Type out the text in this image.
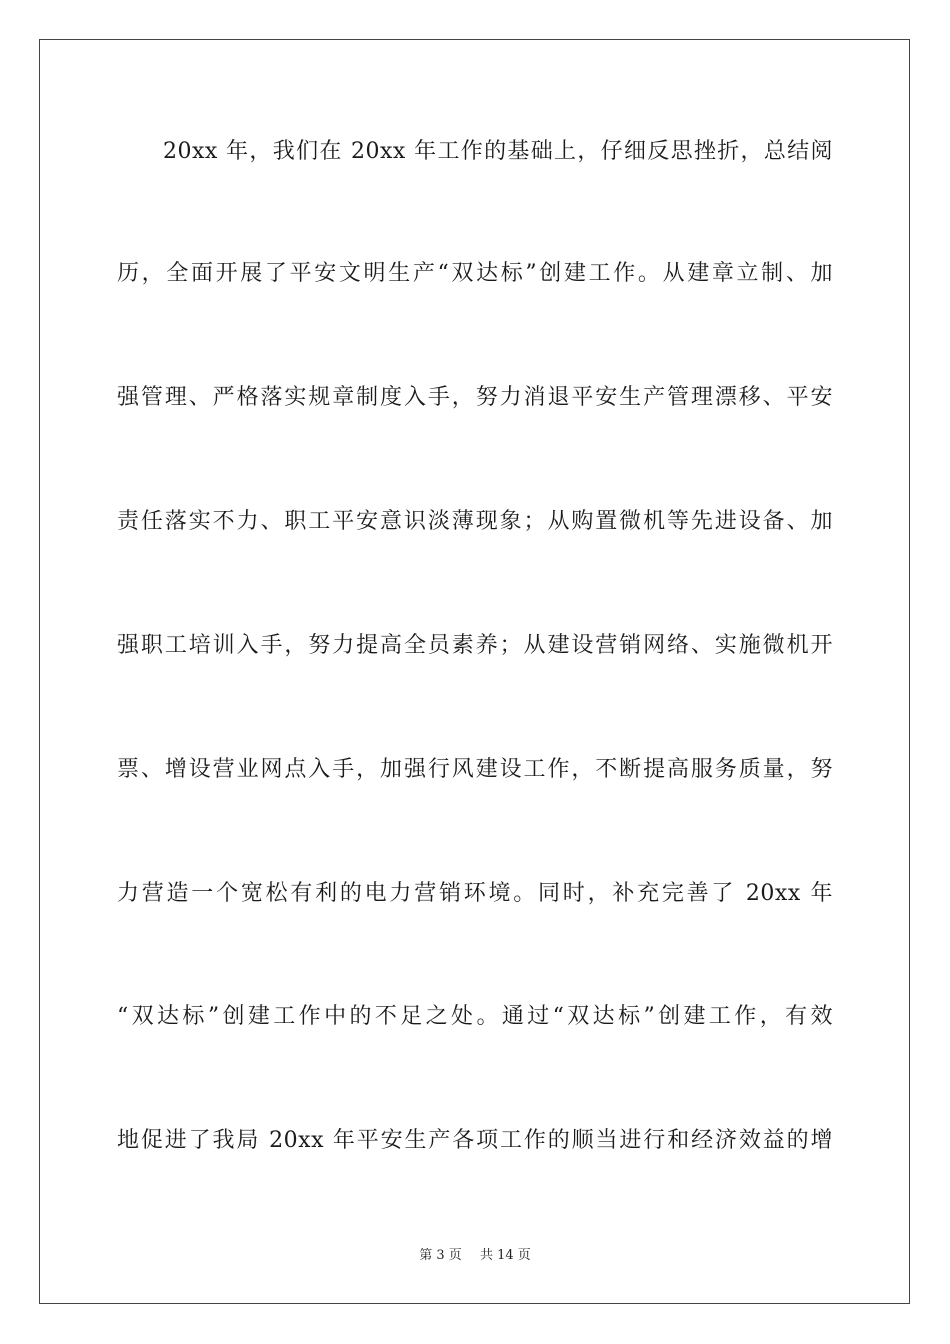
20xx 年，我们在 20xx 年工作的基础上，仔细反思挫折，总结阅
历，全面开展了平安文明生产“双达标”创建工作。从建章立制、加
强管理、严格落实规章制度入手，努力消退平安生产管理漂移、平安
责任落实不力、职工平安意识淡薄现象；从购置微机等先进设备、加
强职工培训入手，努力提高全员素养；从建设营销网络、实施微机开
票、增设营业网点入手，加强行风建设工作，不断提高服务质量，努
力营造一个宽松有利的电力营销环境。同时，补充完善了 20xx 年
“双达标”创建工作中的不足之处。通过“双达标”创建工作，有效
地促进了我局 20xx 年平安生产各项工作的顺当进行和经济效益的增
第 3 页 共 14 页
